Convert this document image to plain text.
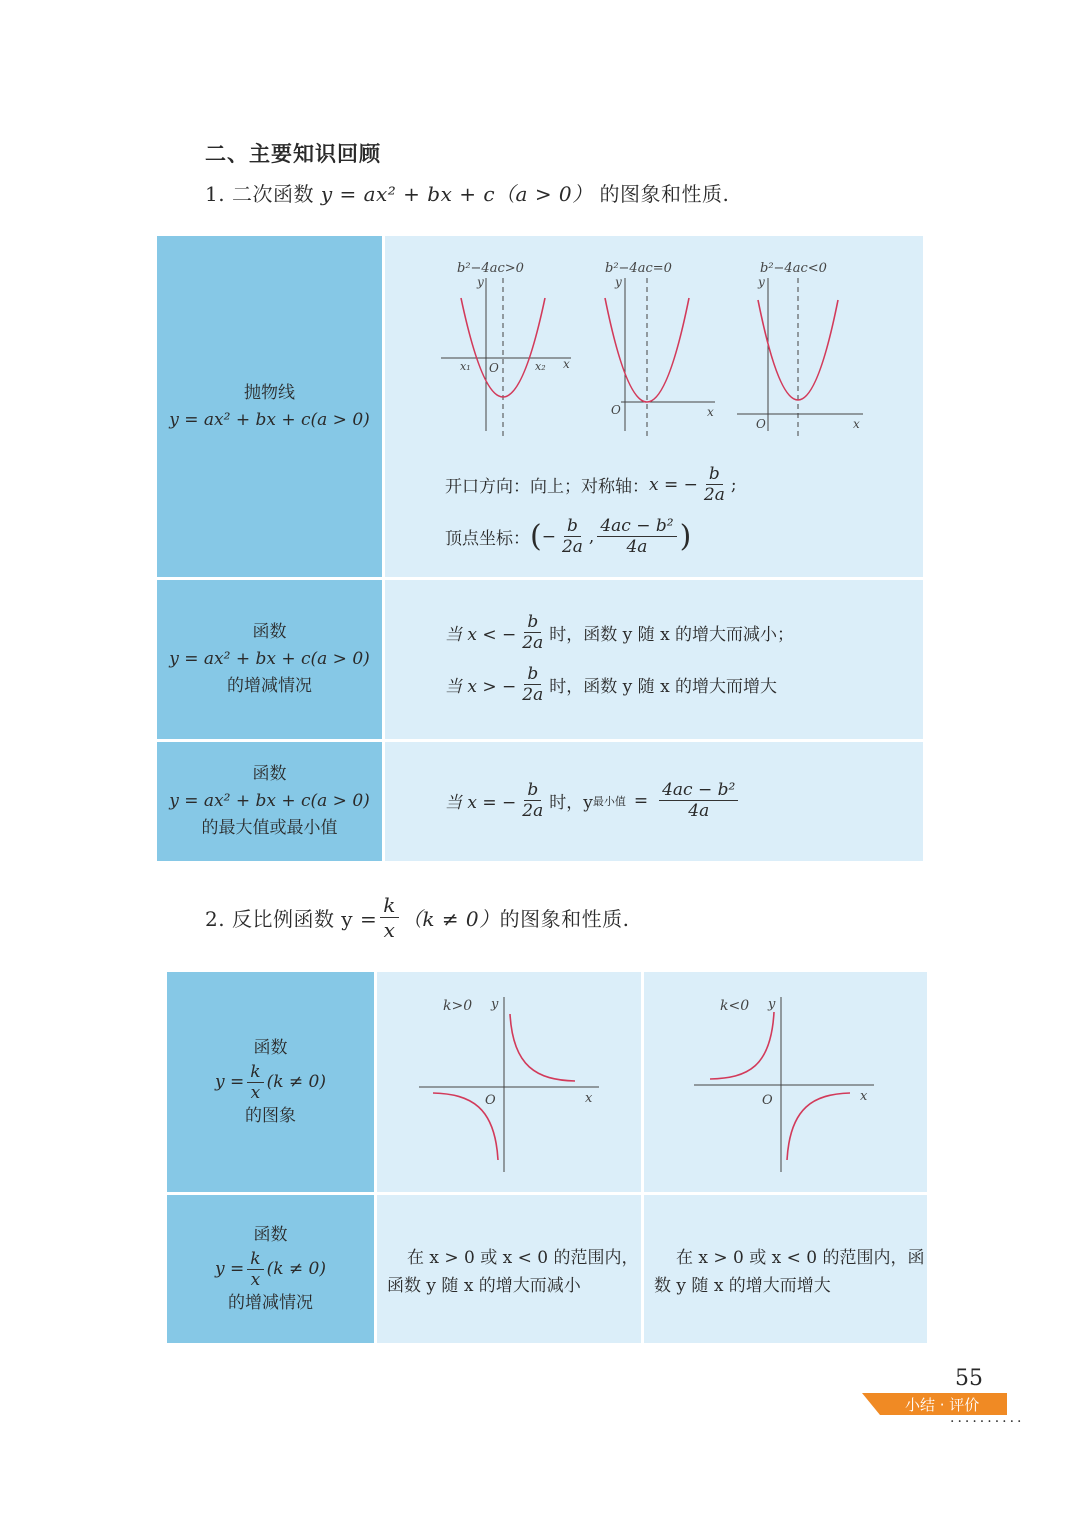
二、主要知识回顾
1. 二次函数 y = ax² + bx + c（a > 0） 的图象和性质.
抛物线
y = ax² + bx + c(a > 0)
b²−4ac>0
y
x
O
x₁	x₂
b²−4ac=0
y
x
O
b²−4ac<0
y
x
O
开口方向：向上；对称轴： x = − $\frac{b}{2a}$ ;
顶点坐标： ( − $\frac{b}{2a}$ , $\frac{\text{4ac − b²}}{4a}$ )
函数
y = ax² + bx + c(a > 0)
的增减情况
当 x < − $\frac{b}{2a}$ 时，函数 y 随 x 的增大而减小；
当 x > − $\frac{b}{2a}$ 时，函数 y 随 x 的增大而增大
函数
y = ax² + bx + c(a > 0)
的最大值或最小值
当 x = − $\frac{b}{2a}$ 时，y 最小值 = $\frac{\text{4ac − b²}}{4a}$
2. 反比例函数 $y = \frac{k}{x} (k \ne 0)$ 的图象和性质.
函数
$y = \frac{k}{x} (k \ne 0)$
的图象
k>0 y
x
O
k<0 y
x
O
函数
$y = \frac{k}{x} (k \ne 0)$
的增减情况
在 x > 0 或 x < 0 的范围内，
函数 y 随 x 的增大而减小
在 x > 0 或 x < 0 的范围内，函
数 y 随 x 的增大而增大
55
小结 · 评价
··········
